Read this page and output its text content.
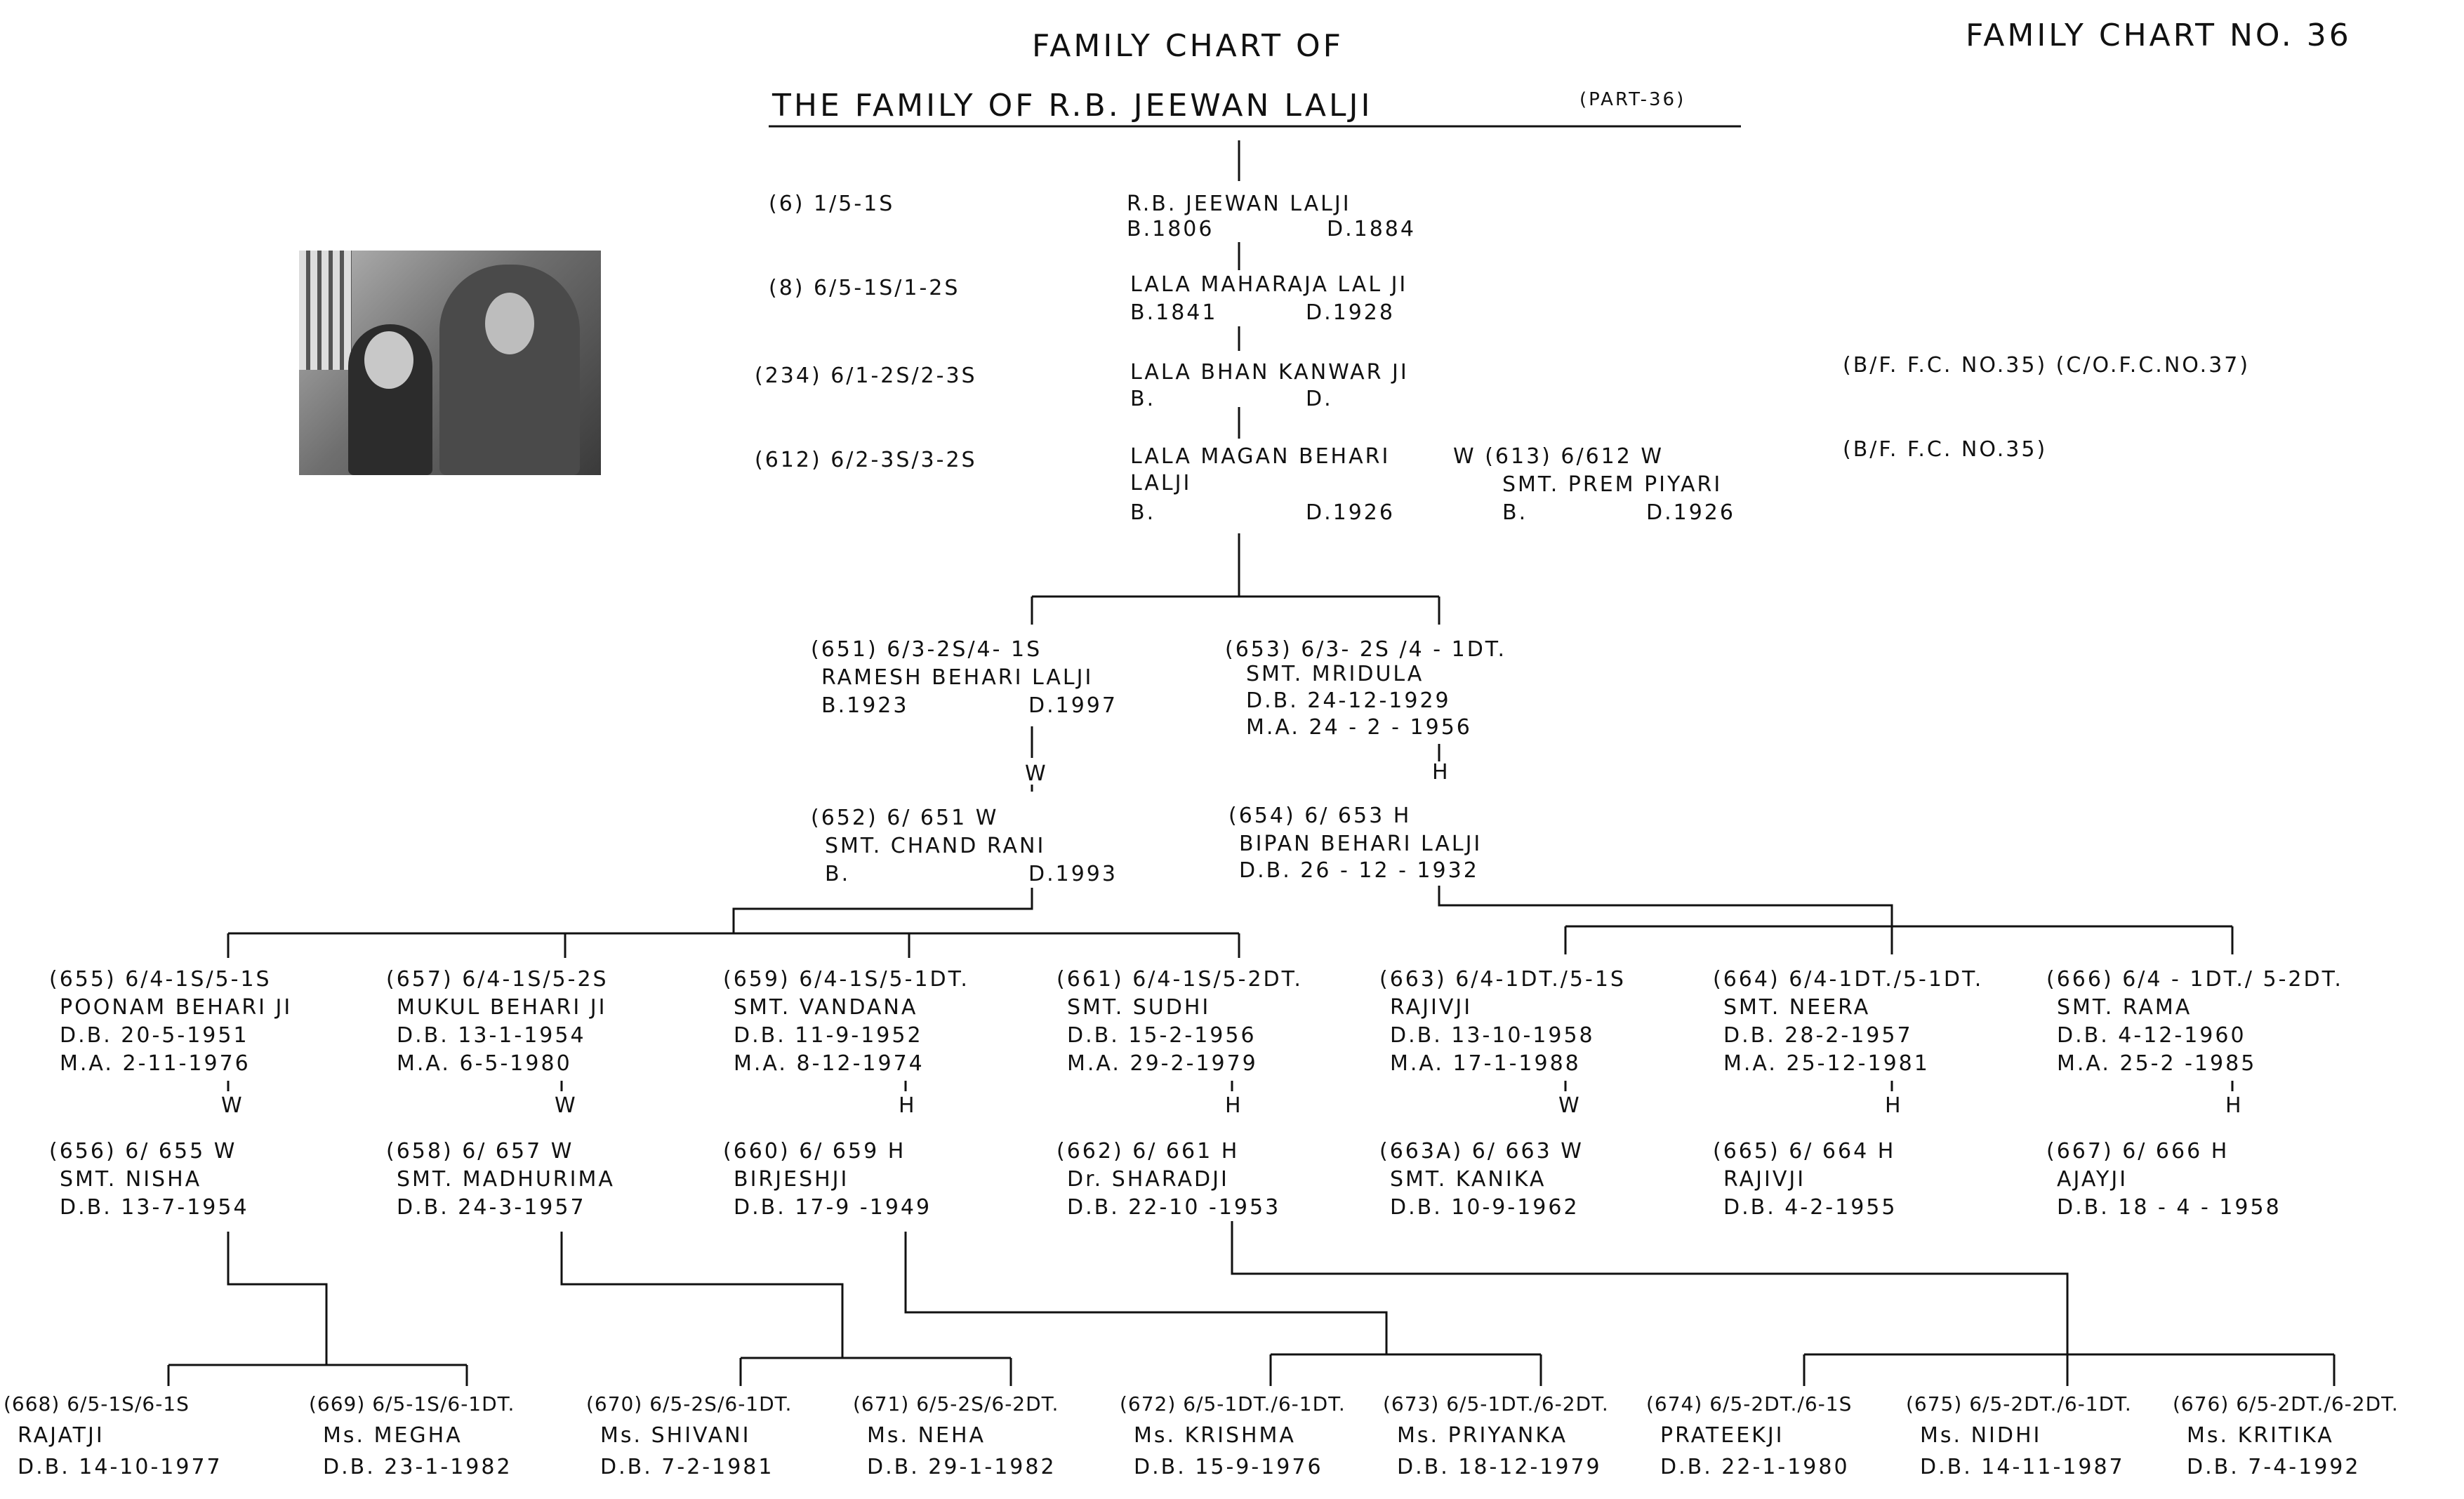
FAMILY CHART OF
THE FAMILY OF R.B. JEEWAN LALJI	(PART-36)
FAMILY CHART NO. 36
(6) 1/5-1S	R.B. JEEWAN LALJI
B.1806	D.1884
(8) 6/5-1S/1-2S	LALA MAHARAJA LAL JI
B.1841	D.1928
(234) 6/1-2S/2-3S	LALA BHAN KANWAR JI
B.	D.
(B/F. F.C. NO.35) (C/O.F.C.NO.37)
(612) 6/2-3S/3-2S	LALA MAGAN BEHARI
LALJI
B.	D.1926
W (613) 6/612 W
SMT. PREM PIYARI
B.	D.1926
(B/F. F.C. NO.35)
(651) 6/3-2S/4- 1S
RAMESH BEHARI LALJI
B.1923	D.1997
W
(652) 6/ 651 W
SMT. CHAND RANI
B.	D.1993
(653) 6/3- 2S /4 - 1DT.
SMT. MRIDULA
D.B. 24-12-1929
M.A. 24 - 2 - 1956
H
(654) 6/ 653 H
BIPAN BEHARI LALJI
D.B. 26 - 12 - 1932
(655) 6/4-1S/5-1S
POONAM BEHARI JI
D.B. 20-5-1951
M.A. 2-11-1976
W
(656) 6/ 655 W
SMT. NISHA
D.B. 13-7-1954
(657) 6/4-1S/5-2S
MUKUL BEHARI JI
D.B. 13-1-1954
M.A. 6-5-1980
W
(658) 6/ 657 W
SMT. MADHURIMA
D.B. 24-3-1957
(659) 6/4-1S/5-1DT.
SMT. VANDANA
D.B. 11-9-1952
M.A. 8-12-1974
H
(660) 6/ 659 H
BIRJESHJI
D.B. 17-9 -1949
(661) 6/4-1S/5-2DT.
SMT. SUDHI
D.B. 15-2-1956
M.A. 29-2-1979
H
(662) 6/ 661 H
Dr. SHARADJI
D.B. 22-10 -1953
(663) 6/4-1DT./5-1S
RAJIVJI
D.B. 13-10-1958
M.A. 17-1-1988
W
(663A) 6/ 663 W
SMT. KANIKA
D.B. 10-9-1962
(664) 6/4-1DT./5-1DT.
SMT. NEERA
D.B. 28-2-1957
M.A. 25-12-1981
H
(665) 6/ 664 H
RAJIVJI
D.B. 4-2-1955
(666) 6/4 - 1DT./ 5-2DT.
SMT. RAMA
D.B. 4-12-1960
M.A. 25-2 -1985
H
(667) 6/ 666 H
AJAYJI
D.B. 18 - 4 - 1958
(668) 6/5-1S/6-1S
RAJATJI
D.B. 14-10-1977
(669) 6/5-1S/6-1DT.
Ms. MEGHA
D.B. 23-1-1982
(670) 6/5-2S/6-1DT.
Ms. SHIVANI
D.B. 7-2-1981
(671) 6/5-2S/6-2DT.
Ms. NEHA
D.B. 29-1-1982
(672) 6/5-1DT./6-1DT.
Ms. KRISHMA
D.B. 15-9-1976
(673) 6/5-1DT./6-2DT.
Ms. PRIYANKA
D.B. 18-12-1979
(674) 6/5-2DT./6-1S
PRATEEKJI
D.B. 22-1-1980
(675) 6/5-2DT./6-1DT.
Ms. NIDHI
D.B. 14-11-1987
(676) 6/5-2DT./6-2DT.
Ms. KRITIKA
D.B. 7-4-1992
